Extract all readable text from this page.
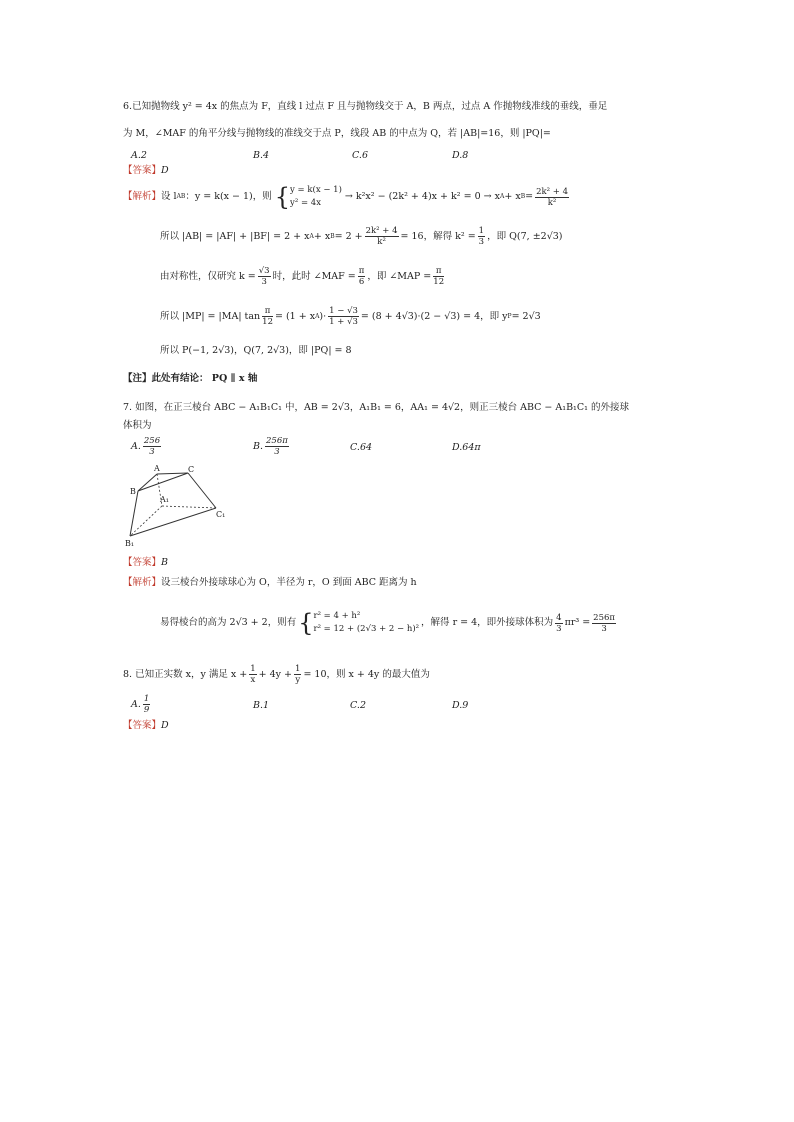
6.已知抛物线 y² = 4x 的焦点为 F，直线 l 过点 F 且与抛物线交于 A，B 两点，过点 A 作抛物线准线的垂线，垂足
为 M，∠MAF 的角平分线与抛物线的准线交于点 P，线段 AB 的中点为 Q，若 |AB|=16，则 |PQ|=
A.2	B.4	C.6	D.8
【答案】D
【解析】 设 l AB ：y = k(x − 1)，则 { y = k(x − 1)
y² = 4x
→ k²x² − (2k² + 4)x + k² = 0 → x A + x $B = \frac{\text{2k² + 4}}{\text{k²}}$
所以 |AB| = |AF| + |BF| = 2 + x A + x $B = 2 + \frac{\text{2k² + 4}}{\text{k²}} = 16$，解得 $k^2 = \frac{1}{3}$ ，即 Q(7, ±2√3)
由对称性，仅研究 $k = \frac{√3}{3}$ 时，此时 ∠MAF = $\frac{\pi}{6}$ ，即 ∠MAP = $\frac{\pi}{12}$
所以 |MP| = |MA| $\tan \frac{\pi}{12} = (1 + x$ A )· $\frac{1 - √3}{1 + √3} = (8 + 4√3)\cdot(2 - √3) = 4$，即 y P = 2√3
所以 P(−1, 2√3)，Q(7, 2√3)，即 |PQ| = 8
【注】此处有结论： PQ ∥ x 轴
7. 如图，在正三棱台 ABC − A₁B₁C₁ 中，AB = 2√3，A₁B₁ = 6，AA₁ = 4√2，则正三棱台 ABC − A₁B₁C₁ 的外接球
体积为
A. $\frac{256}{3}$	B. $\frac{256\pi}{3}$	C.64	D.64π
A	C
B
A₁
C₁
B₁
【答案】B
【解析】设三棱台外接球球心为 O，半径为 r，O 到面 ABC 距离为 h
易得棱台的高为 2√3 + 2，则有 { r² = 4 + h²
r² = 12 + (2√3 + 2 − h)²
，解得 r = 4，即外接球体积为 $\frac{4}{3} \pi r^3 = \frac{256\pi}{3}$
8. 已知正实数 x，y 满足 $x + \frac{1}{x} + 4y + \frac{1}{y} = 10$，则 x + 4y 的最大值为
A. $\frac{1}{9}$	B.1	C.2	D.9
【答案】D
